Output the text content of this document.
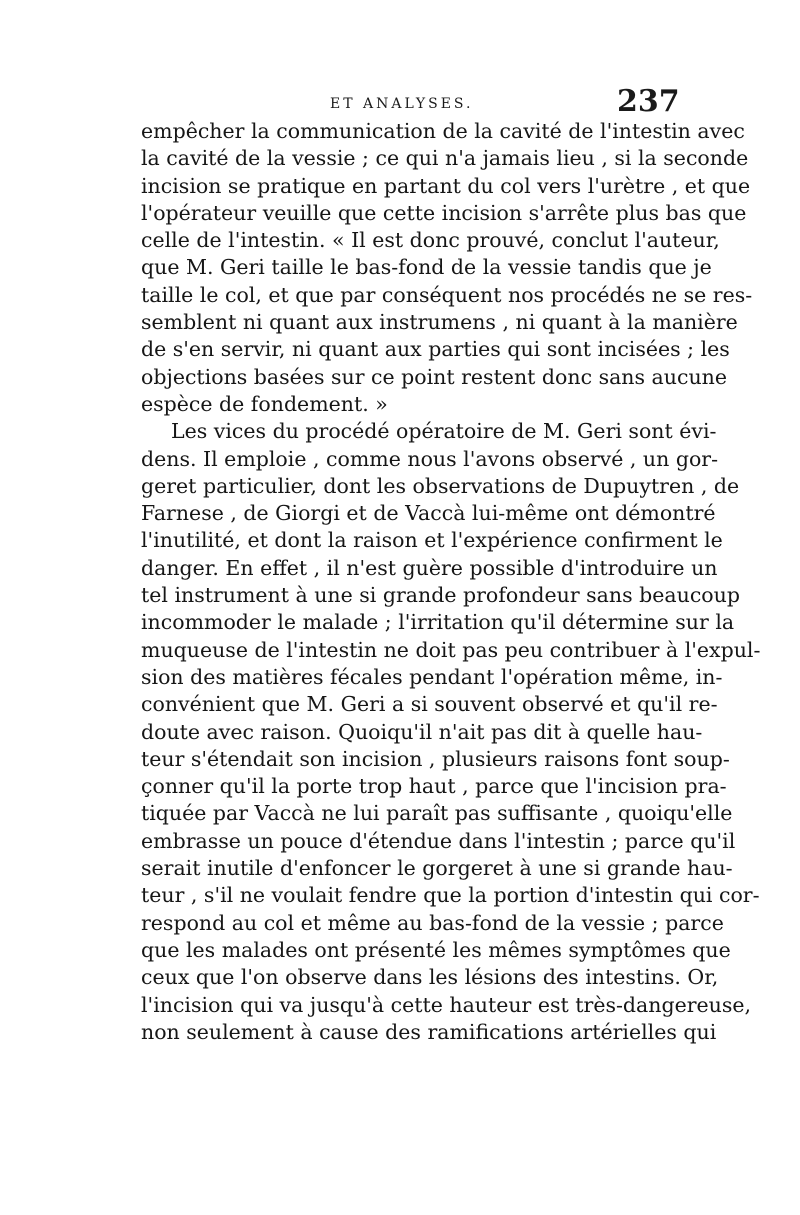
ET ANALYSES.	237
empêcher la communication de la cavité de l'intestin avec
la cavité de la vessie ; ce qui n'a jamais lieu , si la seconde
incision se pratique en partant du col vers l'urètre , et que
l'opérateur veuille que cette incision s'arrête plus bas que
celle de l'intestin. « Il est donc prouvé, conclut l'auteur,
que M. Geri taille le bas-fond de la vessie tandis que je
taille le col, et que par conséquent nos procédés ne se res-
semblent ni quant aux instrumens , ni quant à la manière
de s'en servir, ni quant aux parties qui sont incisées ; les
objections basées sur ce point restent donc sans aucune
espèce de fondement. »
Les vices du procédé opératoire de M. Geri sont évi-
dens. Il emploie , comme nous l'avons observé , un gor-
geret particulier, dont les observations de Dupuytren , de
Farnese , de Giorgi et de Vaccà lui-même ont démontré
l'inutilité, et dont la raison et l'expérience confirment le
danger. En effet , il n'est guère possible d'introduire un
tel instrument à une si grande profondeur sans beaucoup
incommoder le malade ; l'irritation qu'il détermine sur la
muqueuse de l'intestin ne doit pas peu contribuer à l'expul-
sion des matières fécales pendant l'opération même, in-
convénient que M. Geri a si souvent observé et qu'il re-
doute avec raison. Quoiqu'il n'ait pas dit à quelle hau-
teur s'étendait son incision , plusieurs raisons font soup-
çonner qu'il la porte trop haut , parce que l'incision pra-
tiquée par Vaccà ne lui paraît pas suffisante , quoiqu'elle
embrasse un pouce d'étendue dans l'intestin ; parce qu'il
serait inutile d'enfoncer le gorgeret à une si grande hau-
teur , s'il ne voulait fendre que la portion d'intestin qui cor-
respond au col et même au bas-fond de la vessie ; parce
que les malades ont présenté les mêmes symptômes que
ceux que l'on observe dans les lésions des intestins. Or,
l'incision qui va jusqu'à cette hauteur est très-dangereuse,
non seulement à cause des ramifications artérielles qui
